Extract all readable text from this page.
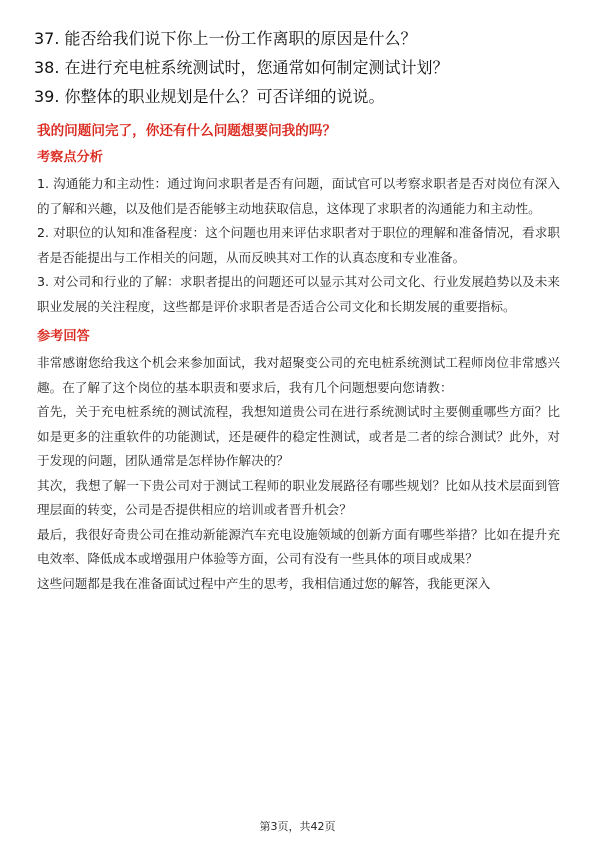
37. 能否给我们说下你上一份工作离职的原因是什么？
38. 在进行充电桩系统测试时，您通常如何制定测试计划？
39. 你整体的职业规划是什么？可否详细的说说。
我的问题问完了，你还有什么问题想要问我的吗？
考察点分析

1. 沟通能力和主动性：通过询问求职者是否有问题，面试官可以考察求职者是否对岗位有深入的了解和兴趣，以及他们是否能够主动地获取信息，这体现了求职者的沟通能力和主动性。

2. 对职位的认知和准备程度：这个问题也用来评估求职者对于职位的理解和准备情况，看求职者是否能提出与工作相关的问题，从而反映其对工作的认真态度和专业准备。

3. 对公司和行业的了解：求职者提出的问题还可以显示其对公司文化、行业发展趋势以及未来职业发展的关注程度，这些都是评价求职者是否适合公司文化和长期发展的重要指标。

参考回答

非常感谢您给我这个机会来参加面试，我对超聚变公司的充电桩系统测试工程师岗位非常感兴趣。在了解了这个岗位的基本职责和要求后，我有几个问题想要向您请教：

首先，关于充电桩系统的测试流程，我想知道贵公司在进行系统测试时主要侧重哪些方面？比如是更多的注重软件的功能测试，还是硬件的稳定性测试，或者是二者的综合测试？此外，对于发现的问题，团队通常是怎样协作解决的？

其次，我想了解一下贵公司对于测试工程师的职业发展路径有哪些规划？比如从技术层面到管理层面的转变，公司是否提供相应的培训或者晋升机会？

最后，我很好奇贵公司在推动新能源汽车充电设施领域的创新方面有哪些举措？比如在提升充电效率、降低成本或增强用户体验等方面，公司有没有一些具体的项目或成果？

这些问题都是我在准备面试过程中产生的思考，我相信通过您的解答，我能更深入

第3页，共42页
